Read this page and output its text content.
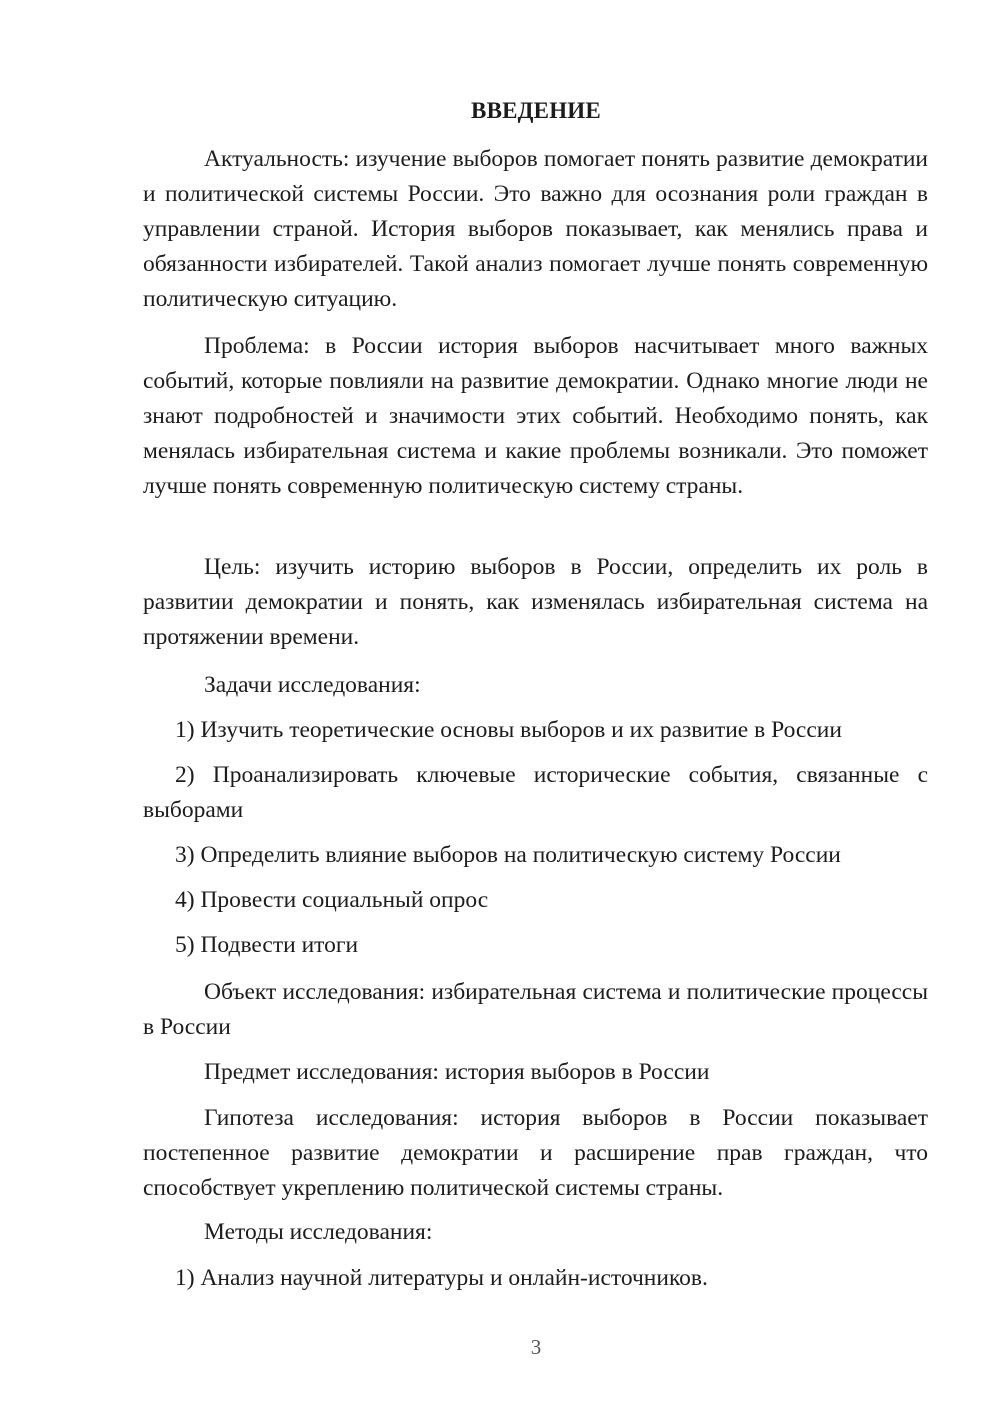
ВВЕДЕНИЕ

Актуальность: изучение выборов помогает понять развитие демократии и политической системы России. Это важно для осознания роли граждан в управлении страной. История выборов показывает, как менялись права и обязанности избирателей. Такой анализ помогает лучше понять современную политическую ситуацию.

Проблема: в России история выборов насчитывает много важных событий, которые повлияли на развитие демократии. Однако многие люди не знают подробностей и значимости этих событий. Необходимо понять, как менялась избирательная система и какие проблемы возникали. Это поможет лучше понять современную политическую систему страны.

Цель: изучить историю выборов в России, определить их роль в развитии демократии и понять, как изменялась избирательная система на протяжении времени.

Задачи исследования:

1) Изучить теоретические основы выборов и их развитие в России

2) Проанализировать ключевые исторические события, связанные с выборами

3) Определить влияние выборов на политическую систему России

4) Провести социальный опрос

5) Подвести итоги

Объект исследования: избирательная система и политические процессы в России

Предмет исследования: история выборов в России

Гипотеза исследования: история выборов в России показывает постепенное развитие демократии и расширение прав граждан, что способствует укреплению политической системы страны.

Методы исследования:

1) Анализ научной литературы и онлайн-источников.

3
